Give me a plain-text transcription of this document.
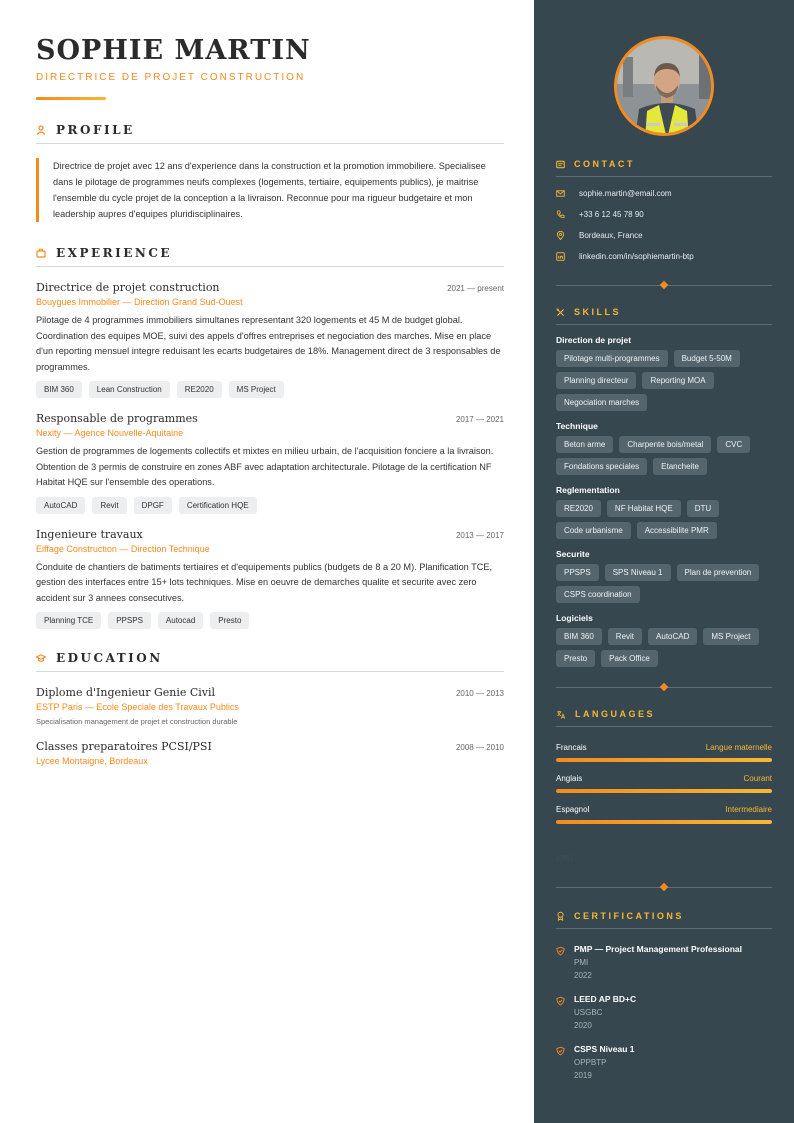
SOPHIE MARTIN
DIRECTRICE DE PROJET CONSTRUCTION
PROFILE
Directrice de projet avec 12 ans d'experience dans la construction et la promotion immobiliere. Specialisee dans le pilotage de programmes neufs complexes (logements, tertiaire, equipements publics), je maitrise l'ensemble du cycle projet de la conception a la livraison. Reconnue pour ma rigueur budgetaire et mon leadership aupres d'equipes pluridisciplinaires.
EXPERIENCE
Directrice de projet construction	2021 — present
Bouygues Immobilier — Direction Grand Sud-Ouest
Pilotage de 4 programmes immobiliers simultanes representant 320 logements et 45 M de budget global. Coordination des equipes MOE, suivi des appels d'offres entreprises et negociation des marches. Mise en place d'un reporting mensuel integre reduisant les ecarts budgetaires de 18%. Management direct de 3 responsables de programmes.
BIM 360	Lean Construction	RE2020	MS Project
Responsable de programmes	2017 — 2021
Nexity — Agence Nouvelle-Aquitaine
Gestion de programmes de logements collectifs et mixtes en milieu urbain, de l'acquisition fonciere a la livraison. Obtention de 3 permis de construire en zones ABF avec adaptation architecturale. Pilotage de la certification NF Habitat HQE sur l'ensemble des operations.
AutoCAD	Revit	DPGF	Certification HQE
Ingenieure travaux	2013 — 2017
Eiffage Construction — Direction Technique
Conduite de chantiers de batiments tertiaires et d'equipements publics (budgets de 8 a 20 M). Planification TCE, gestion des interfaces entre 15+ lots techniques. Mise en oeuvre de demarches qualite et securite avec zero accident sur 3 annees consecutives.
Planning TCE	PPSPS	Autocad	Presto
EDUCATION
Diplome d'Ingenieur Genie Civil	2010 — 2013
ESTP Paris — Ecole Speciale des Travaux Publics
Specialisation management de projet et construction durable
Classes preparatoires PCSI/PSI	2008 — 2010
Lycee Montaigne, Bordeaux
CONTACT
sophie.martin@email.com
+33 6 12 45 78 90
Bordeaux, France
linkedin.com/in/sophiemartin-btp
SKILLS
Direction de projet
Pilotage multi-programmes	Budget 5-50M
Planning directeur	Reporting MOA
Negociation marches
Technique
Beton arme	Charpente bois/metal	CVC
Fondations speciales	Etancheite
Reglementation
RE2020	NF Habitat HQE	DTU
Code urbanisme	Accessibilite PMR
Securite
PPSPS	SPS Niveau 1	Plan de prevention
CSPS coordination
Logiciels
BIM 360	Revit	AutoCAD	MS Project
Presto	Pack Office
LANGUAGES
Francais	Langue maternelle
Anglais	Courant
Espagnol	Intermediaire
{{/if}}
CERTIFICATIONS
PMP — Project Management Professional
PMI
2022
LEED AP BD+C
USGBC
2020
CSPS Niveau 1
OPPBTP
2019
